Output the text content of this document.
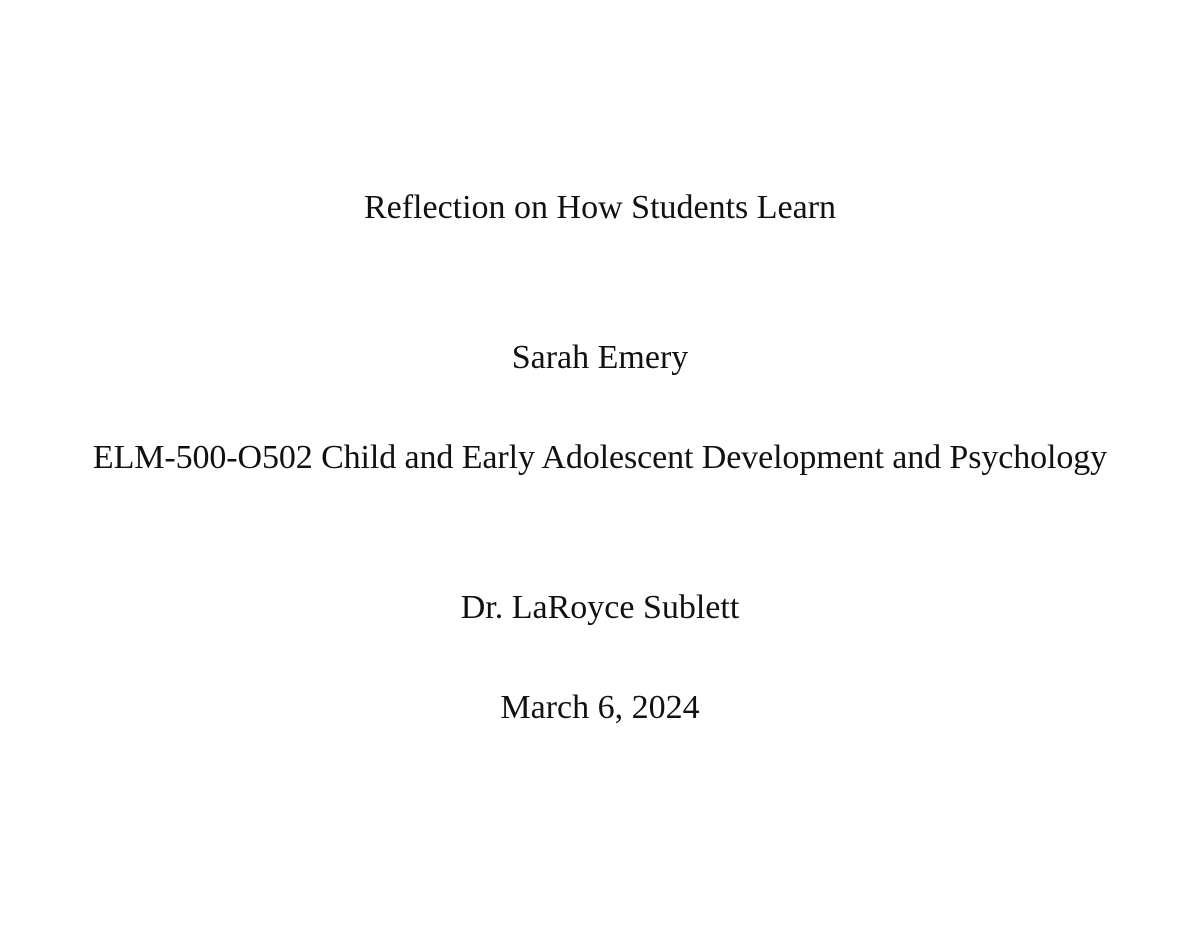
Reflection on How Students Learn
Sarah Emery
ELM-500-O502 Child and Early Adolescent Development and Psychology
Dr. LaRoyce Sublett
March 6, 2024
